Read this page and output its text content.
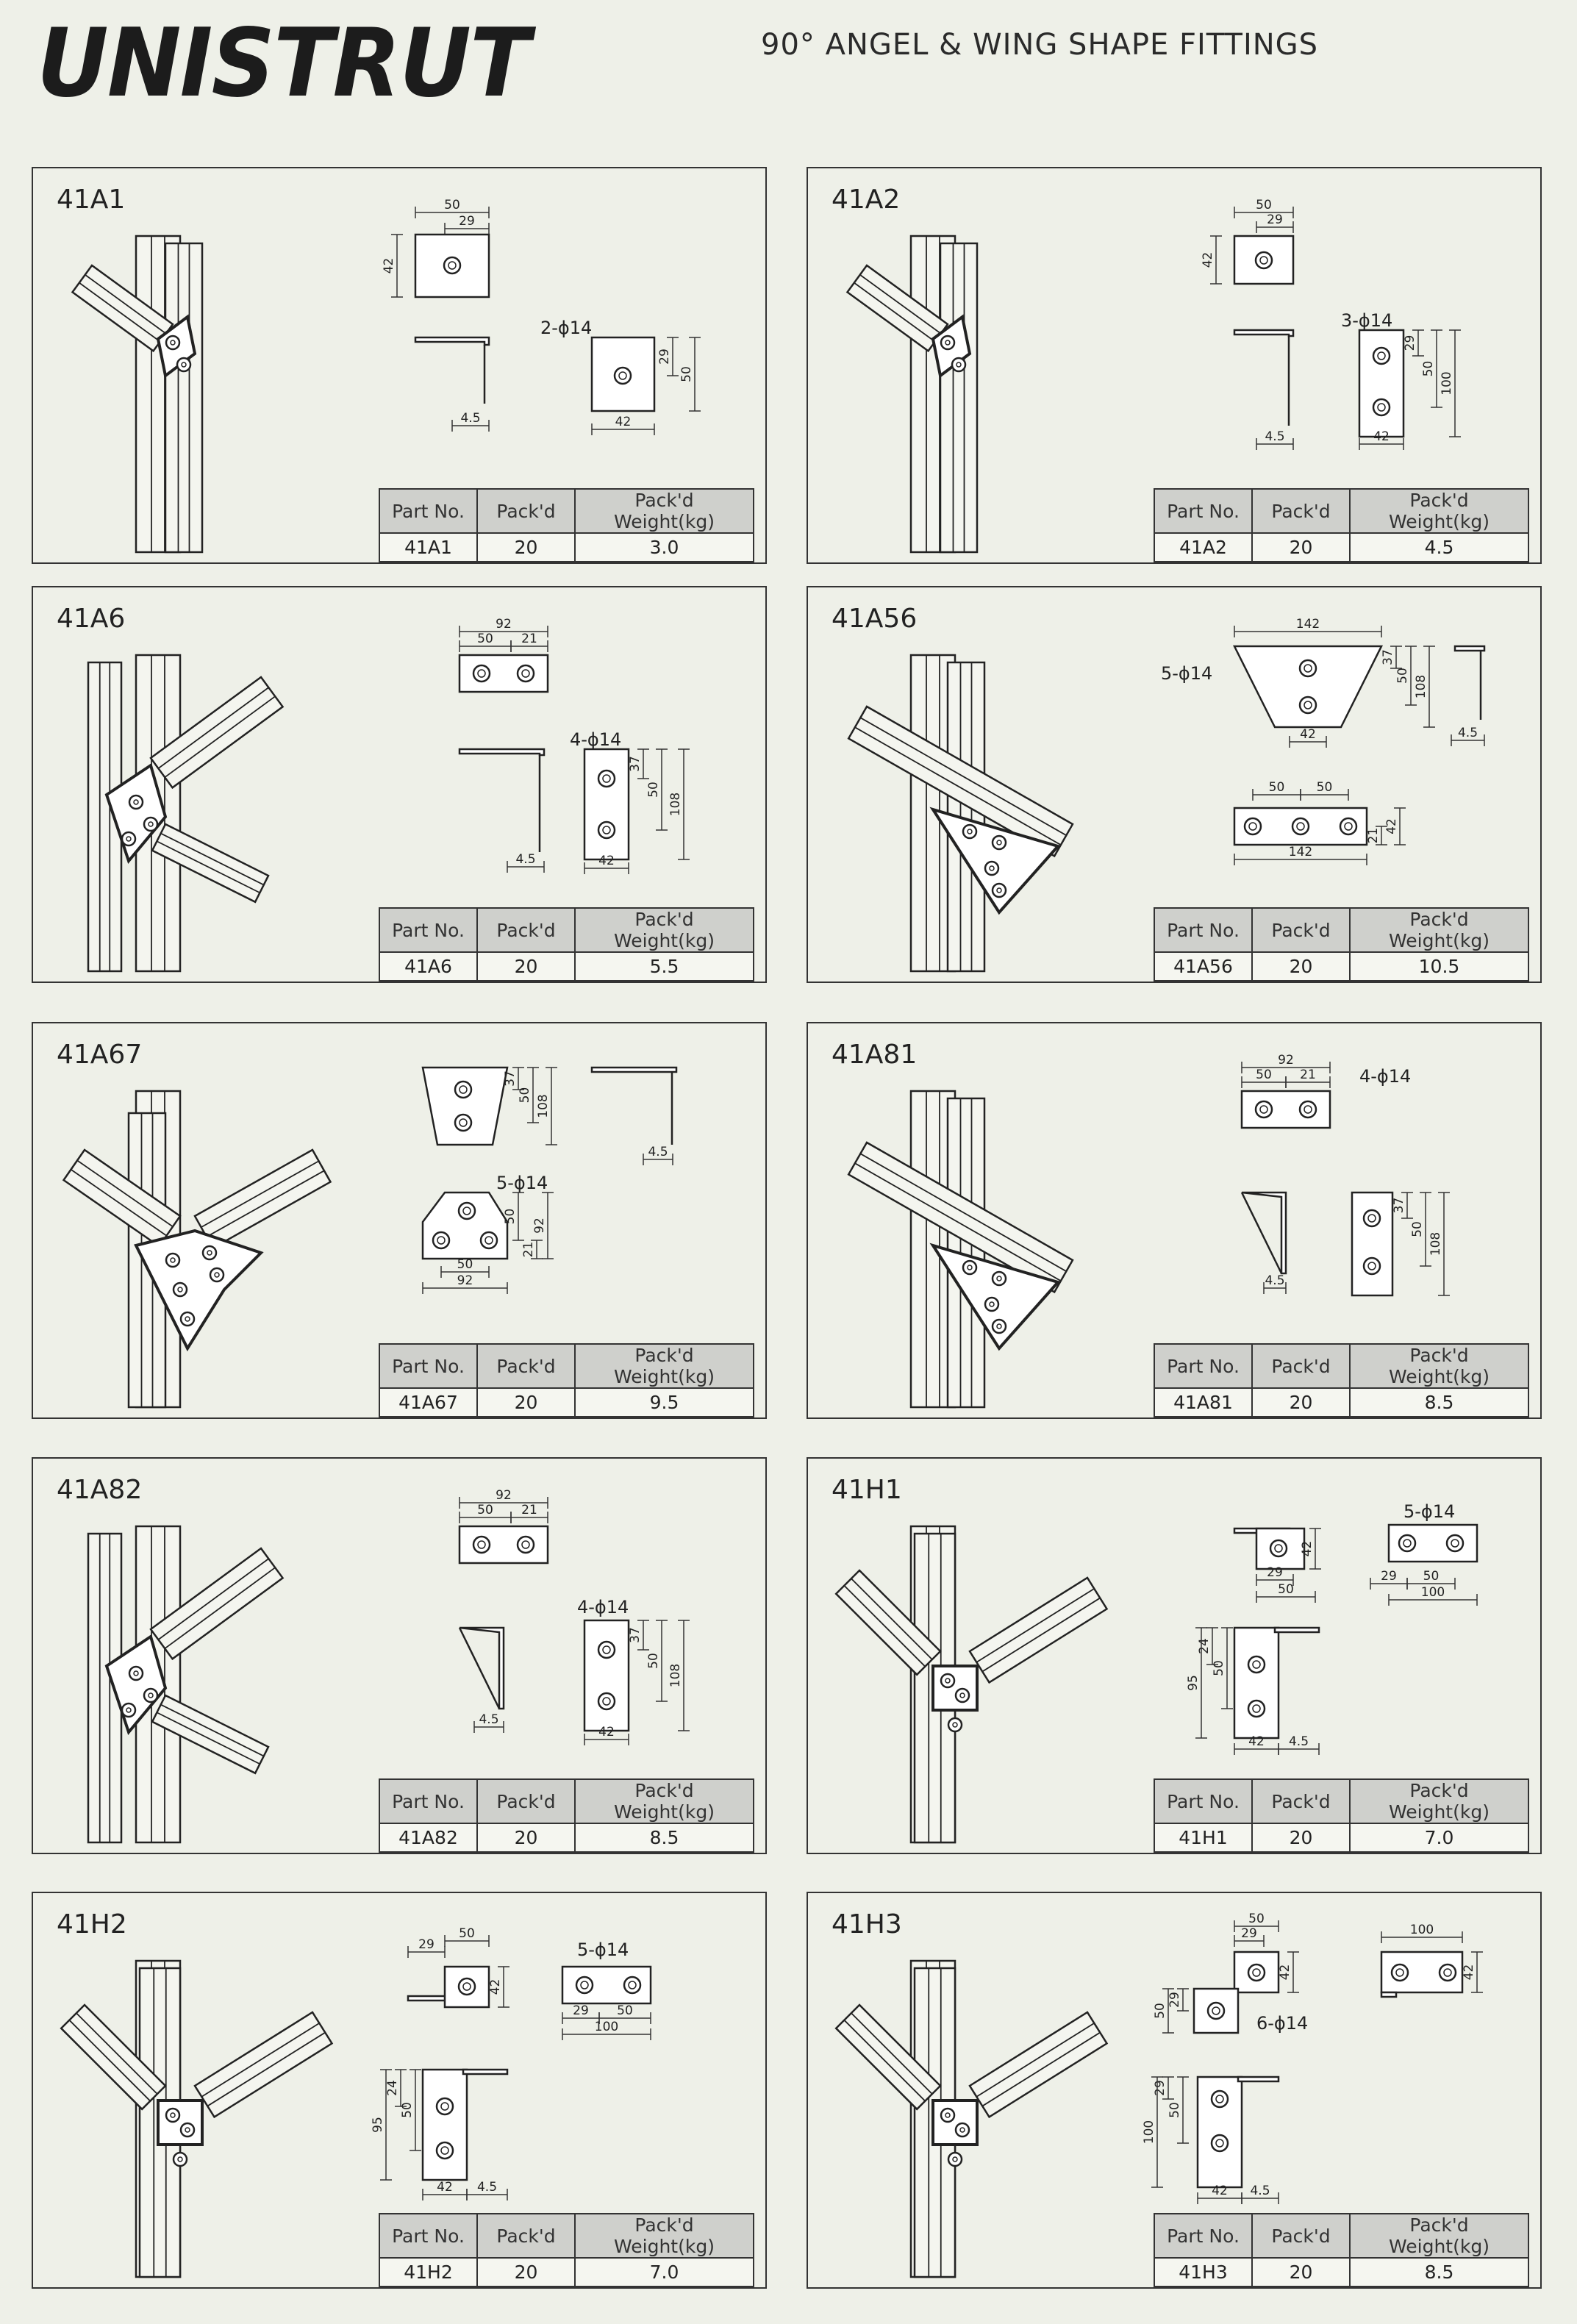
UNISTRUT	90° ANGEL & WING SHAPE FITTINGS
41A1	50
29
42
4.5
29
50
42
2-ϕ14
Part No.	Pack'd	Pack'd Weight(kg)
41A1	20	3.0
41A2	50
29
42
4.5
29
50
100
42
3-ϕ14
Part No.	Pack'd	Pack'd Weight(kg)
41A2	20	4.5
41A6	92
50 21
4.5
37
50
108
42
4-ϕ14
Part No.	Pack'd	Pack'd Weight(kg)
41A6	20	5.5
41A56	142
37
50 108
42
5-ϕ14
4.5
50	50
142
21
42
Part No.	Pack'd	Pack'd Weight(kg)
41A56	20	10.5
41A67
37
50 108
4.5
50
92
21
50
92
5-ϕ14
Part No.	Pack'd	Pack'd Weight(kg)
41A67	20	9.5
41A81	92
50 21 4-ϕ14
4.5
37
50
108
Part No.	Pack'd	Pack'd Weight(kg)
41A81	20	8.5
41A82	92
50 21
4.5
37
50
108
42
4-ϕ14
Part No.	Pack'd	Pack'd Weight(kg)
41A82	20	8.5
41H1
42
5-ϕ14
29 50
100
29
50
24
50
95
42 4.5
Part No.	Pack'd	Pack'd Weight(kg)
41H1	20	7.0
41H2
29
50
42
5-ϕ14
29 50
100
24
50
95
42 4.5
Part No.	Pack'd	Pack'd Weight(kg)
41H2	20	7.0
41H3	50
29
42
100
42
50
29
6-ϕ14
29
50
100
42 4.5
Part No.	Pack'd	Pack'd Weight(kg)
41H3	20	8.5
